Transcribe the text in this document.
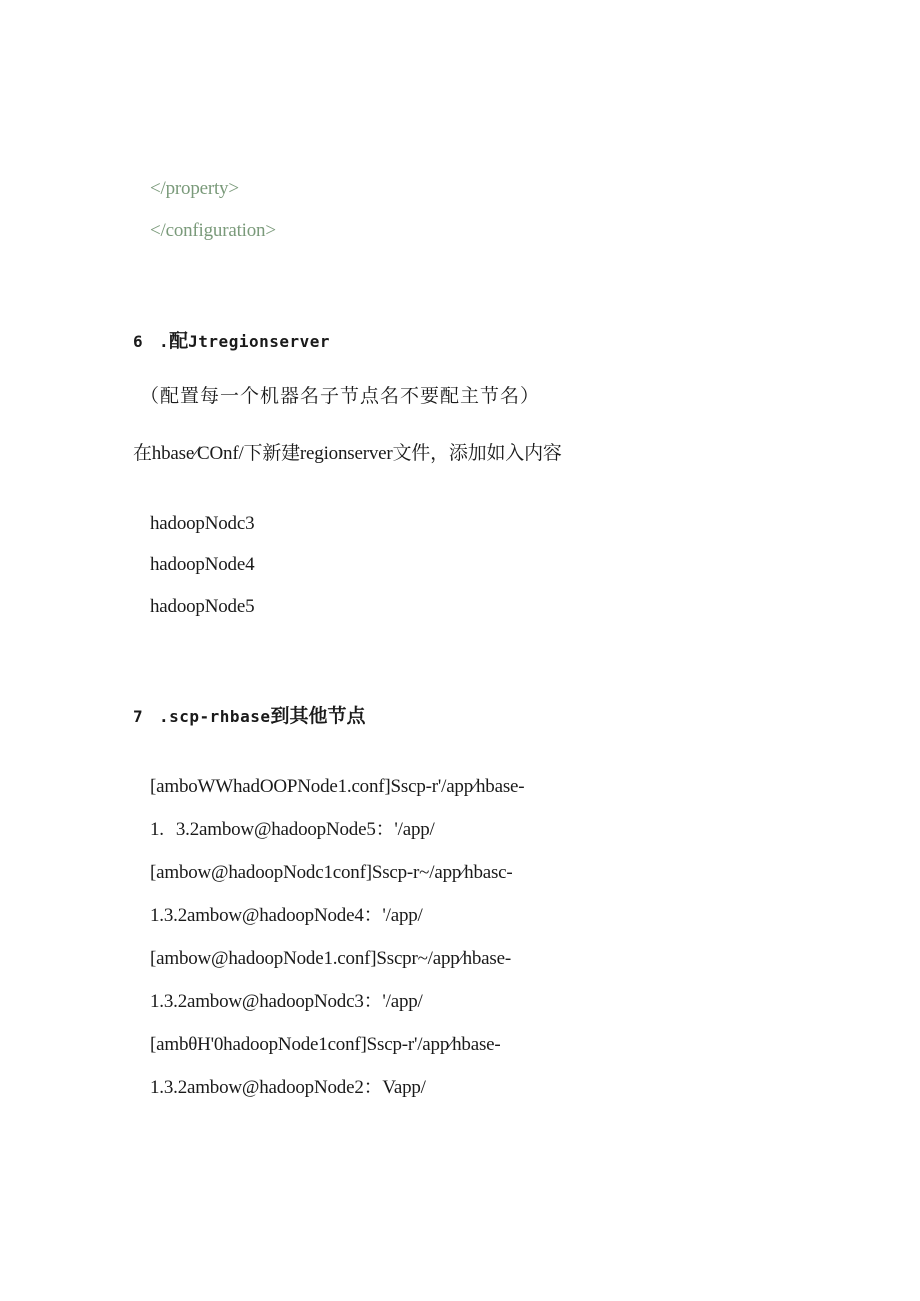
</property>
</configuration>
6 .配Jtregionserver
（配置每一个机器名子节点名不要配主节名）
在hbase⁄COnf/下新建regionserver文件，添加如入内容
hadoopNodc3
hadoopNode4
hadoopNode5
7 .scp-rhbase到其他节点
[amboWWhadOOPNode1.conf]Sscp-r'/app⁄hbase-
1. 3.2ambow@hadoopNode5：'/app/
[ambow@hadoopNodc1conf]Sscp-r~/app⁄hbasc-
1.3.2ambow@hadoopNode4：'/app/
[ambow@hadoopNode1.conf]Sscpr~/app⁄hbase-
1.3.2ambow@hadoopNodc3：'/app/
[ambθH'0hadoopNode1conf]Sscp-r'/app⁄hbase-
1.3.2ambow@hadoopNode2：Vapp/
